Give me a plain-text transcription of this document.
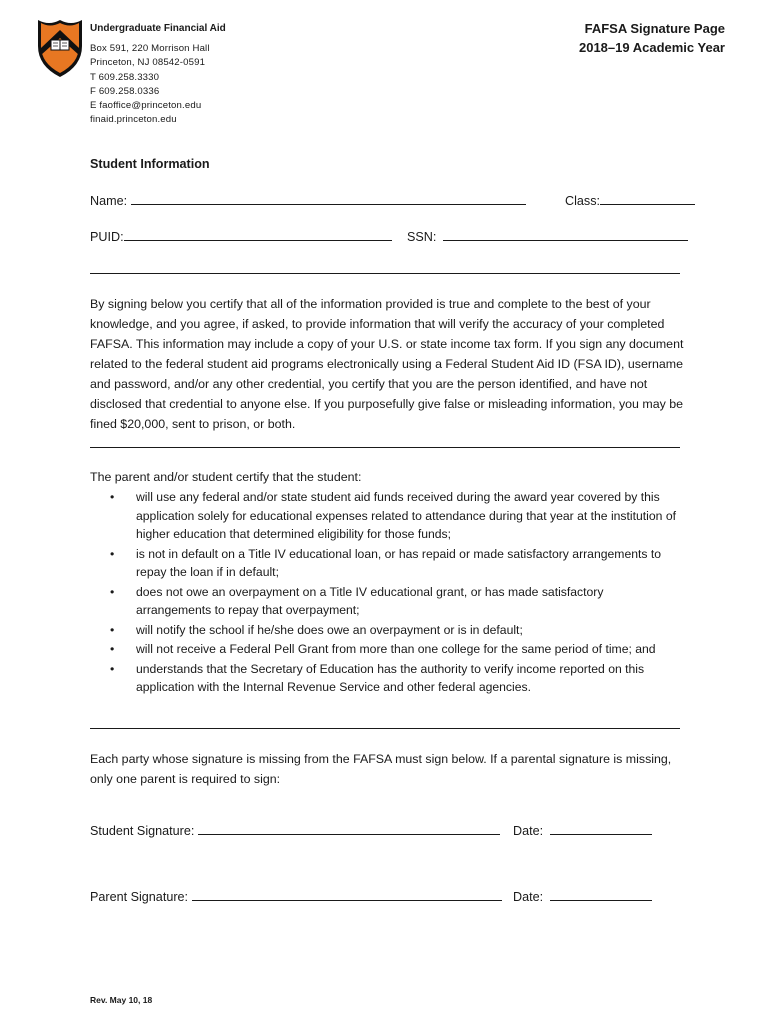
Undergraduate Financial Aid
Box 591, 220 Morrison Hall
Princeton, NJ 08542-0591
T 609.258.3330
F 609.258.0336
E faoffice@princeton.edu
finaid.princeton.edu
FAFSA Signature Page
2018–19 Academic Year
Student Information
Name:	Class:
PUID:	SSN:
By signing below you certify that all of the information provided is true and complete to the best of your knowledge, and you agree, if asked, to provide information that will verify the accuracy of your completed FAFSA. This information may include a copy of your U.S. or state income tax form. If you sign any document related to the federal student aid programs electronically using a Federal Student Aid ID (FSA ID), username and password, and/or any other credential, you certify that you are the person identified, and have not disclosed that credential to anyone else. If you purposefully give false or misleading information, you may be fined $20,000, sent to prison, or both.
The parent and/or student certify that the student:
• will use any federal and/or state student aid funds received during the award year covered by this application solely for educational expenses related to attendance during that year at the institution of higher education that determined eligibility for those funds;
• is not in default on a Title IV educational loan, or has repaid or made satisfactory arrangements to repay the loan if in default;
• does not owe an overpayment on a Title IV educational grant, or has made satisfactory arrangements to repay that overpayment;
• will notify the school if he/she does owe an overpayment or is in default;
• will not receive a Federal Pell Grant from more than one college for the same period of time; and
• understands that the Secretary of Education has the authority to verify income reported on this application with the Internal Revenue Service and other federal agencies.
Each party whose signature is missing from the FAFSA must sign below. If a parental signature is missing, only one parent is required to sign:
Student Signature:	Date:
Parent Signature:	Date:
Rev. May 10, 18
